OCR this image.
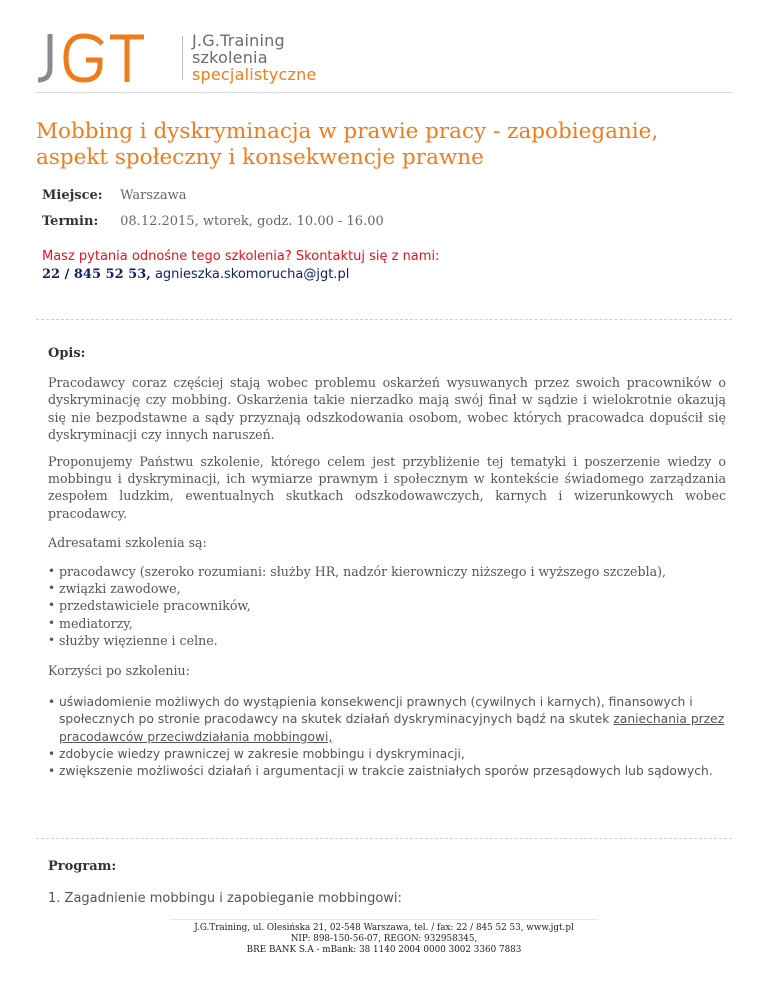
J.G.Training
szkolenia
specjalistyczne
Mobbing i dyskryminacja w prawie pracy - zapobieganie, aspekt społeczny i konsekwencje prawne
Miejsce: Warszawa
Termin: 08.12.2015, wtorek, godz. 10.00 - 16.00
Masz pytania odnośne tego szkolenia? Skontaktuj się z nami:
22 / 845 52 53, agnieszka.skomorucha@jgt.pl

Opis:

Pracodawcy coraz częściej stają wobec problemu oskarżeń wysuwanych przez swoich pracowników o dyskryminację czy mobbing. Oskarżenia takie nierzadko mają swój finał w sądzie i wielokrotnie okazują się nie bezpodstawne a sądy przyznają odszkodowania osobom, wobec których pracowadca dopuścił się dyskryminacji czy innych naruszeń.

Proponujemy Państwu szkolenie, którego celem jest przybliżenie tej tematyki i poszerzenie wiedzy o mobbingu i dyskryminacji, ich wymiarze prawnym i społecznym w kontekście świadomego zarządzania zespołem ludzkim, ewentualnych skutkach odszkodowawczych, karnych i wizerunkowych wobec pracodawcy.

Adresatami szkolenia są:

• pracodawcy (szeroko rozumiani: służby HR, nadzór kierowniczy niższego i wyższego szczebla),
• związki zawodowe,
• przedstawiciele pracowników,
• mediatorzy,
• służby więzienne i celne.

Korzyści po szkoleniu:

• uświadomienie możliwych do wystąpienia konsekwencji prawnych (cywilnych i karnych), finansowych i społecznych po stronie pracodawcy na skutek działań dyskryminacyjnych bądź na skutek zaniechania przez pracodawców przeciwdziałania mobbingowi,
• zdobycie wiedzy prawniczej w zakresie mobbingu i dyskryminacji,
• zwiększenie możliwości działań i argumentacji w trakcie zaistniałych sporów przesądowych lub sądowych.
Program:
1. Zagadnienie mobbingu i zapobieganie mobbingowi:
J.G.Training, ul. Olesińska 21, 02-548 Warszawa, tel. / fax: 22 / 845 52 53, www.jgt.pl
NIP: 898-150-56-07, REGON: 932958345,
BRE BANK S.A - mBank: 38 1140 2004 0000 3002 3360 7883
